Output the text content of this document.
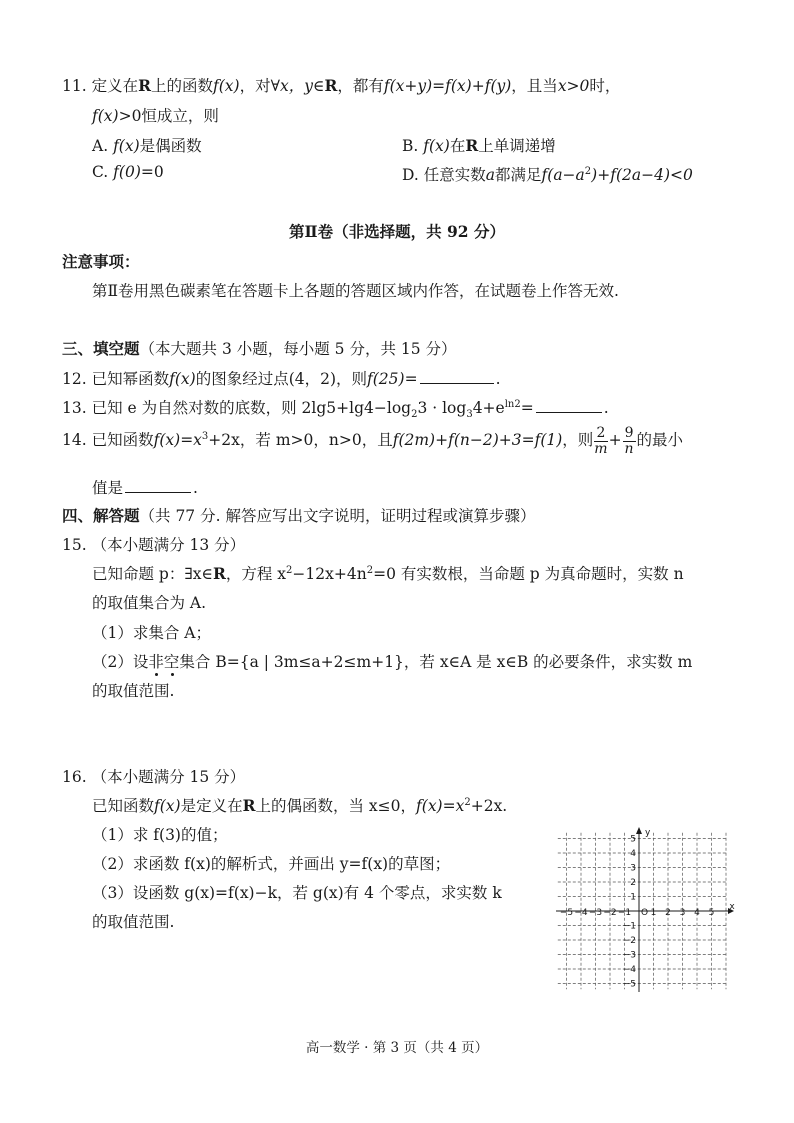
11. 定义在R上的函数f(x)，对∀x，y∈R，都有f(x+y)=f(x)+f(y)，且当x>0时，
f(x)>0恒成立，则
A. f(x)是偶函数	B. f(x)在R上单调递增
C. f(0)=0	D. 任意实数a都满足$f(a-a^2)+f(2a-4)<0$
第Ⅱ卷（非选择题，共 92 分）
注意事项：
第Ⅱ卷用黑色碳素笔在答题卡上各题的答题区域内作答，在试题卷上作答无效.
三、填空题（本大题共 3 小题，每小题 5 分，共 15 分）
12. 已知幂函数f(x)的图象经过点(4，2)，则f(25)=	.
13. 已知 e 为自然对数的底数，则 $2\lg 5+\lg 4-\log_23 \cdot \log_34+e^{ln2}=$	.
14. 已知函数$f(x)=x^3+2x$，若 m>0，n>0，且f(2m)+f(n−2)+3=f(1)，则 $\frac{2}{m} + \frac{9}{n}$ 的最小
值是	.
四、解答题（共 77 分. 解答应写出文字说明，证明过程或演算步骤）
15. （本小题满分 13 分）
已知命题 p：∃x∈R，方程 $x^2-12x+4n^2=0$ 有实数根，当命题 p 为真命题时，实数 n
的取值集合为 A.
（1）求集合 A；
（2）设非空集合 B={a | 3m≤a+2≤m+1}，若 x∈A 是 x∈B 的必要条件，求实数 m
的取值范围.
16. （本小题满分 15 分）
已知函数f(x)是定义在R上的偶函数，当 x≤0，$f(x)=x^2+2x$.
（1）求 f(3)的值；
（2）求函数 f(x)的解析式，并画出 y=f(x)的草图；
（3）设函数 g(x)=f(x)−k，若 g(x)有 4 个零点，求实数 k
的取值范围.	−5 −4 −3 −2 −1	2 3 4 5
5
4
3
2
1
−1
−2
−3
−4
−5
O 1
x
y
高一数学 · 第 3 页（共 4 页）
